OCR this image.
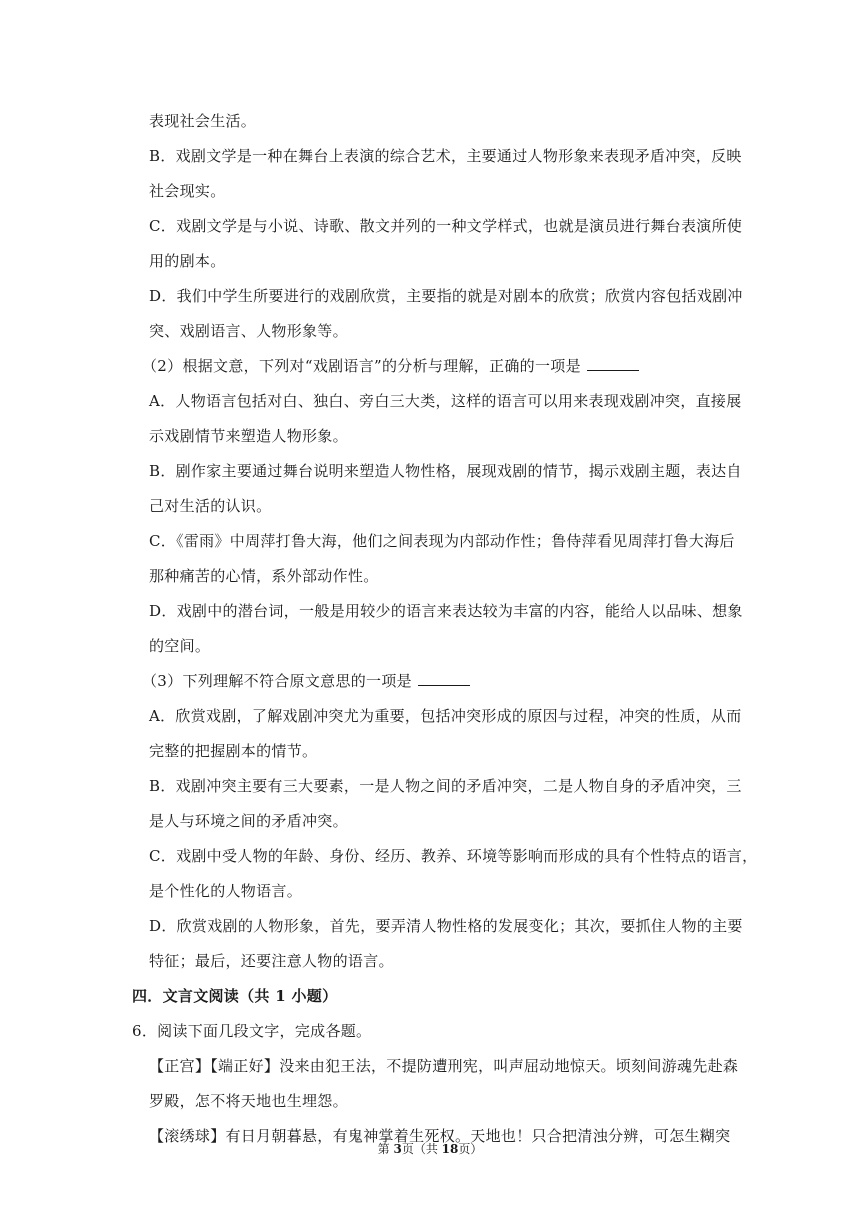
表现社会生活。
B．戏剧文学是一种在舞台上表演的综合艺术，主要通过人物形象来表现矛盾冲突，反映
社会现实。
C．戏剧文学是与小说、诗歌、散文并列的一种文学样式，也就是演员进行舞台表演所使
用的剧本。
D．我们中学生所要进行的戏剧欣赏，主要指的就是对剧本的欣赏；欣赏内容包括戏剧冲
突、戏剧语言、人物形象等。
（2）根据文意，下列对“戏剧语言”的分析与理解，正确的一项是
A．人物语言包括对白、独白、旁白三大类，这样的语言可以用来表现戏剧冲突，直接展
示戏剧情节来塑造人物形象。
B．剧作家主要通过舞台说明来塑造人物性格，展现戏剧的情节，揭示戏剧主题，表达自
己对生活的认识。
C．《雷雨》中周萍打鲁大海，他们之间表现为内部动作性；鲁侍萍看见周萍打鲁大海后
那种痛苦的心情，系外部动作性。
D．戏剧中的潜台词，一般是用较少的语言来表达较为丰富的内容，能给人以品味、想象
的空间。
（3）下列理解不符合原文意思的一项是
A．欣赏戏剧，了解戏剧冲突尤为重要，包括冲突形成的原因与过程，冲突的性质，从而
完整的把握剧本的情节。
B．戏剧冲突主要有三大要素，一是人物之间的矛盾冲突，二是人物自身的矛盾冲突，三
是人与环境之间的矛盾冲突。
C．戏剧中受人物的年龄、身份、经历、教养、环境等影响而形成的具有个性特点的语言，
是个性化的人物语言。
D．欣赏戏剧的人物形象，首先，要弄清人物性格的发展变化；其次，要抓住人物的主要
特征；最后，还要注意人物的语言。
四．文言文阅读（共 1 小题）
6．阅读下面几段文字，完成各题。
【正宫】【端正好】没来由犯王法，不提防遭刑宪，叫声屈动地惊天。顷刻间游魂先赴森
罗殿，怎不将天地也生埋怨。
【滚绣球】有日月朝暮悬，有鬼神掌着生死权。天地也！只合把清浊分辨，可怎生糊突
第 3页（共 18页）
